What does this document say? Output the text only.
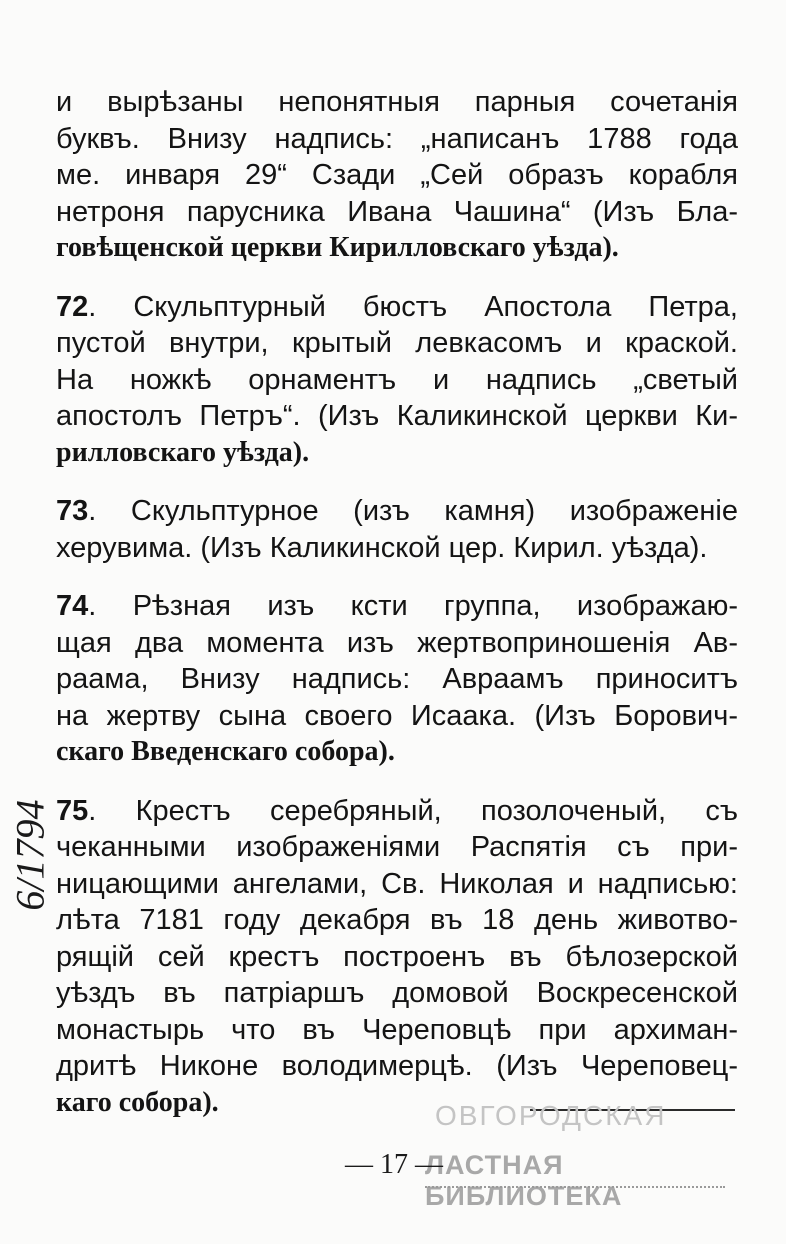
и вырѣзаны непонятныя парныя сочетанія
буквъ. Внизу надпись: „написанъ 1788 года
ме. инваря 29“ Сзади „Сей образъ корабля
нетроня парусника Ивана Чашина“ (Изъ Бла-
говѣщенской церкви Кирилловскаго уѣзда).

72. Скульптурный бюстъ Апостола Петра,
пустой внутри, крытый левкасомъ и краской.
На ножкѣ орнаментъ и надпись „светый
апостолъ Петръ“. (Изъ Каликинской церкви Ки-
рилловскаго уѣзда).

73. Скульптурное (изъ камня) изображеніе
херувима. (Изъ Каликинской цер. Кирил. уѣзда).

74. Рѣзная изъ ксти группа, изображаю-
щая два момента изъ жертвоприношенія Ав-
раама, Внизу надпись: Авраамъ приноситъ
на жертву сына своего Исаака. (Изъ Борович-
скаго Введенскаго собора).

75. Крестъ серебряный, позолоченый, съ
чеканными изображеніями Распятія съ при-
ницающими ангелами, Св. Николая и надписью:
лѣта 7181 году декабря въ 18 день животво-
рящій сей крестъ построенъ въ бѣлозерской
уѣздъ въ патріаршъ домовой Воскресенской
монастырь что въ Череповцѣ при архиман-
дритѣ Никоне володимерцѣ. (Изъ Череповец-
каго собора).	ОВГОРОДСКАЯ
ЛАСТНАЯ БИБЛИОТЕКА
— 17 —
6/1794
